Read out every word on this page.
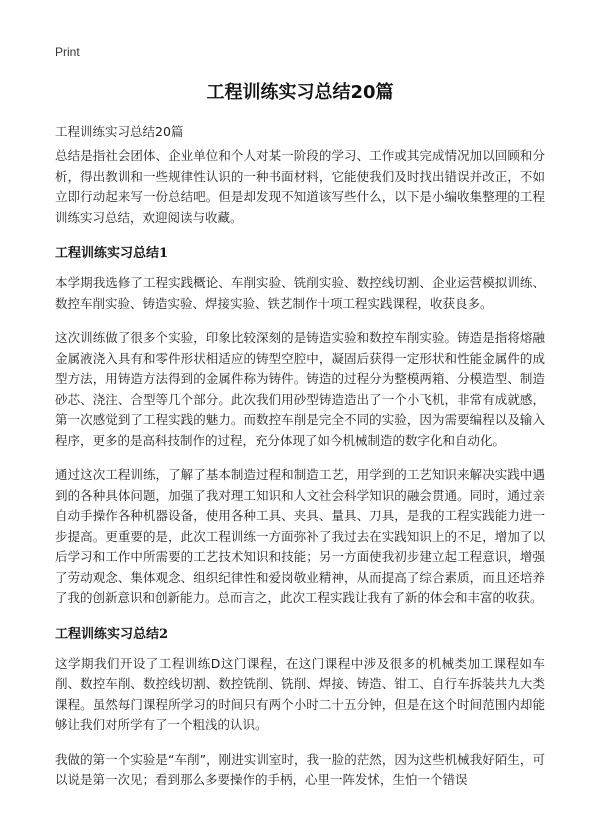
Print
工程训练实习总结20篇
工程训练实习总结20篇

总结是指社会团体、企业单位和个人对某一阶段的学习、工作或其完成情况加以回顾和分析，得出教训和一些规律性认识的一种书面材料，它能使我们及时找出错误并改正，不如立即行动起来写一份总结吧。但是却发现不知道该写些什么，以下是小编收集整理的工程训练实习总结，欢迎阅读与收藏。

工程训练实习总结1

本学期我选修了工程实践概论、车削实验、铣削实验、数控线切割、企业运营模拟训练、数控车削实验、铸造实验、焊接实验、铁艺制作十项工程实践课程，收获良多。

这次训练做了很多个实验，印象比较深刻的是铸造实验和数控车削实验。铸造是指将熔融金属液浇入具有和零件形状相适应的铸型空腔中，凝固后获得一定形状和性能金属件的成型方法，用铸造方法得到的金属件称为铸件。铸造的过程分为整模两箱、分模造型、制造砂芯、浇注、合型等几个部分。此次我们用砂型铸造造出了一个小飞机，非常有成就感，第一次感觉到了工程实践的魅力。而数控车削是完全不同的实验，因为需要编程以及输入程序，更多的是高科技制作的过程，充分体现了如今机械制造的数字化和自动化。

通过这次工程训练，了解了基本制造过程和制造工艺，用学到的工艺知识来解决实践中遇到的各种具体问题，加强了我对理工知识和人文社会科学知识的融会贯通。同时，通过亲自动手操作各种机器设备，使用各种工具、夹具、量具、刀具，是我的工程实践能力进一步提高。更重要的是，此次工程训练一方面弥补了我过去在实践知识上的不足，增加了以后学习和工作中所需要的工艺技术知识和技能；另一方面使我初步建立起工程意识，增强了劳动观念、集体观念、组织纪律性和爱岗敬业精神，从而提高了综合素质，而且还培养了我的创新意识和创新能力。总而言之，此次工程实践让我有了新的体会和丰富的收获。

工程训练实习总结2

这学期我们开设了工程训练D这门课程，在这门课程中涉及很多的机械类加工课程如车削、数控车削、数控线切割、数控铣削、铣削、焊接、铸造、钳工、自行车拆装共九大类课程。虽然每门课程所学习的时间只有两个小时二十五分钟，但是在这个时间范围内却能够让我们对所学有了一个粗浅的认识。

我做的第一个实验是“车削”，刚进实训室时，我一脸的茫然，因为这些机械我好陌生，可以说是第一次见；看到那么多要操作的手柄，心里一阵发怵，生怕一个错误
